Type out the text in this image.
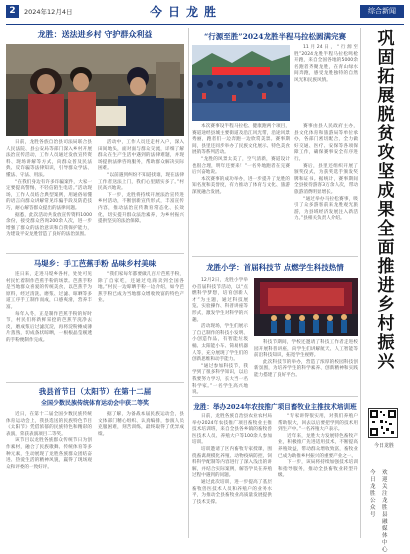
2	2024年12月4日	今日龙胜	综合新闻
龙胜：送法进乡村 守护群众利益

日前，龙胜各族自治县司法局联合县人民法院、县公安局等部门深入乡村开展法治宣传活动，工作人员通过发放宣传资料、现场讲解等方式，向群众普及民法典、反诈骗等法律知识，引导群众学法、懂法、守法、用法。

“在我们身边有许多诈骗案件，大家一定要提高警惕，不轻信陌生电话。”活动现场，工作人员结合典型案例，用通俗易懂的语言向群众讲解常见诈骗手段及防范技巧，耐心解答群众提出的法律问题。

据悉，此次活动共发放宣传资料1000余份，接受群众咨询200余人次，进一步增强了群众的法治意识和自我保护能力，为建设平安龙胜营造了良好的法治氛围。

活动中，工作人员还走村入户，深入田间地头，面对面与群众交流，详细了解群众在生产生活中遇到的法律难题，并现场提供法律咨询服务，帮助群众解决实际困难。

“以前遇到纠纷不知道找谁，现在法律工作者送法上门，我们心里踏实多了。”村民高兴地说。

下一步，龙胜将持续开展法治宣传进乡村活动，不断创新宣传形式，丰富宣传内容，推动法治宣传教育常态化、长效化，切实提升群众法治素养，为乡村振兴提供坚实的法治保障。

马堤乡：手工芭蕉手粉 品味乡村美味

连日来，走进马堤乡各村，处处可见村民忙着制作芭蕉手粉的场景。芭蕉手粉是当地群众喜爱的传统美食，以芭蕉芋为原料，经过清洗、磨浆、过滤、晾晒等多道工序手工制作而成，口感爽滑，营养丰富。

每年入冬，正是制作芭蕉手粉的好时节，村民们将新鲜采挖的芭蕉芋洗净去皮，磨成浆后过滤沉淀，再将淀粉摊成薄片蒸熟，切成条状晾晒，一根根晶莹剔透的手粉便制作完成。

“我们家每年都要做几百斤芭蕉手粉，除了自家吃，还通过电商卖到全国各地。”村民一边晾晒手粉一边介绍，如今芭蕉手粉已成为当地群众增收致富的特色产业。

我县首节日（太阳节）在第十二届
全国少数民族传统体育运动会中获二等奖

近日，在第十二届全国少数民族传统体育运动会上，我县选送的民族特色节目《太阳节》凭借浓郁的民族特色和精彩的表演，荣获表演项目二等奖。

该节目以龙胜各族群众传统节日为创作素材，融合了民族歌舞、传统体育等多种元素，生动展现了龙胜各族群众团结奋进、热爱生活的精神风貌，赢得了现场观众和评委的一致好评。

据了解，为备战本届民族运动会，县文体部门精心组织、认真编排，参演人员克服困难，刻苦训练，最终取得了优异成绩。

“行源至胜”2024龙胜半程马拉松圆满完赛

11月24日，“行源至胜”2024龙胜半程马拉松鸣枪开跑，来自全国各地的5000余名跑者齐聚龙胜，在青山绿水间奔跑，感受龙胜独特的自然风光和民族风情。

本次赛事设半程马拉松、健康跑两个项目，赛道途经县城主要街道及沿江风光带，沿途风景秀丽，跑者们一边奔跑一边欣赏美景。赛事期间，县里还同步举办了民族文化展示、特色美食展销等系列活动。

“龙胜的风景太美了，空气清新，赛道设计也很合理，明年还要来！”一名外地跑者在完赛后兴奋地说。

本次赛事的成功举办，进一步提升了龙胜的知名度和美誉度，有力推动了体育与文化、旅游深度融合发展。

赛事由县人民政府主办，县文化体育和旅游局等单位承办，各部门密切配合，全力做好交通、医疗、安保等各项保障工作，确保赛事安全有序进行。

赛后，县里还组织开展了颁奖仪式，为获奖选手颁发奖牌和证书。据统计，赛事期间全县接待游客3万余人次，带动旅游消费明显增长。

“通过举办马拉松赛事，吸引了众多游客前来龙胜观光旅游，为县域经济发展注入新活力。”县相关负责人介绍。

龙胜小学：首届科技节 点燃学生科技热情

12月2日，龙胜小学举办首届科技节活动，以“点燃科学梦想，培育创新人才”为主题，通过科技展览、实验操作、科普讲座等形式，激发学生对科学的兴趣。

活动现场，学生们展示了自己制作的科技小发明、小创造作品，有智能垃圾桶、太阳能小车、简易机器人等，充分展现了学生们的创新思维和动手能力。

“通过参加科技节，我学到了很多科学知识，以后我要努力学习，长大当一名科学家。”一名学生高兴地说。

科技节期间，学校还邀请了科技工作者走进校园开展科普讲座，向学生们讲解航天、人工智能等前沿科技知识，拓宽学生视野。

此次科技节的举办，营造了浓厚的校园科技创新氛围，为培养学生的科学素养、创新精神和实践能力搭建了良好平台。

龙胜：举办2024年农技推广项目畜牧业主推技术培训班

日前，龙胜各族自治县农业农村局举办2024年农技推广项目畜牧业主推技术培训班，来自全县各乡镇的畜牧兽医技术人员、养殖大户等100余人参加培训。

培训邀请了区内畜牧专家授课，围绕畜禽规模化养殖、动物疫病防控、饲料科学配制等内容进行了深入浅出的讲解，并结合实际案例，解答学员在养殖过程中遇到的问题。

通过此次培训，进一步提高了基层畜牧兽医技术人员和养殖户的业务水平，为推动全县畜牧业高质量发展提供了技术支撑。

“专家讲得很实用，对我们养殖户帮助很大，回去以后要把学到的技术用到生产中。”一名养殖大户表示。

近年来，龙胜大力发展特色畜牧产业，积极推广先进适用技术，不断提高养殖效益，带动群众增收致富，畜牧业已成为助推乡村振兴的重要产业之一。

下一步，该局将持续加强技术培训和指导服务，推动全县畜牧业转型升级。

巩固拓展脱贫攻坚成果 全面推进乡村振兴
今日龙胜
今日龙胜公众号
欢迎关注龙胜县融媒体中心
